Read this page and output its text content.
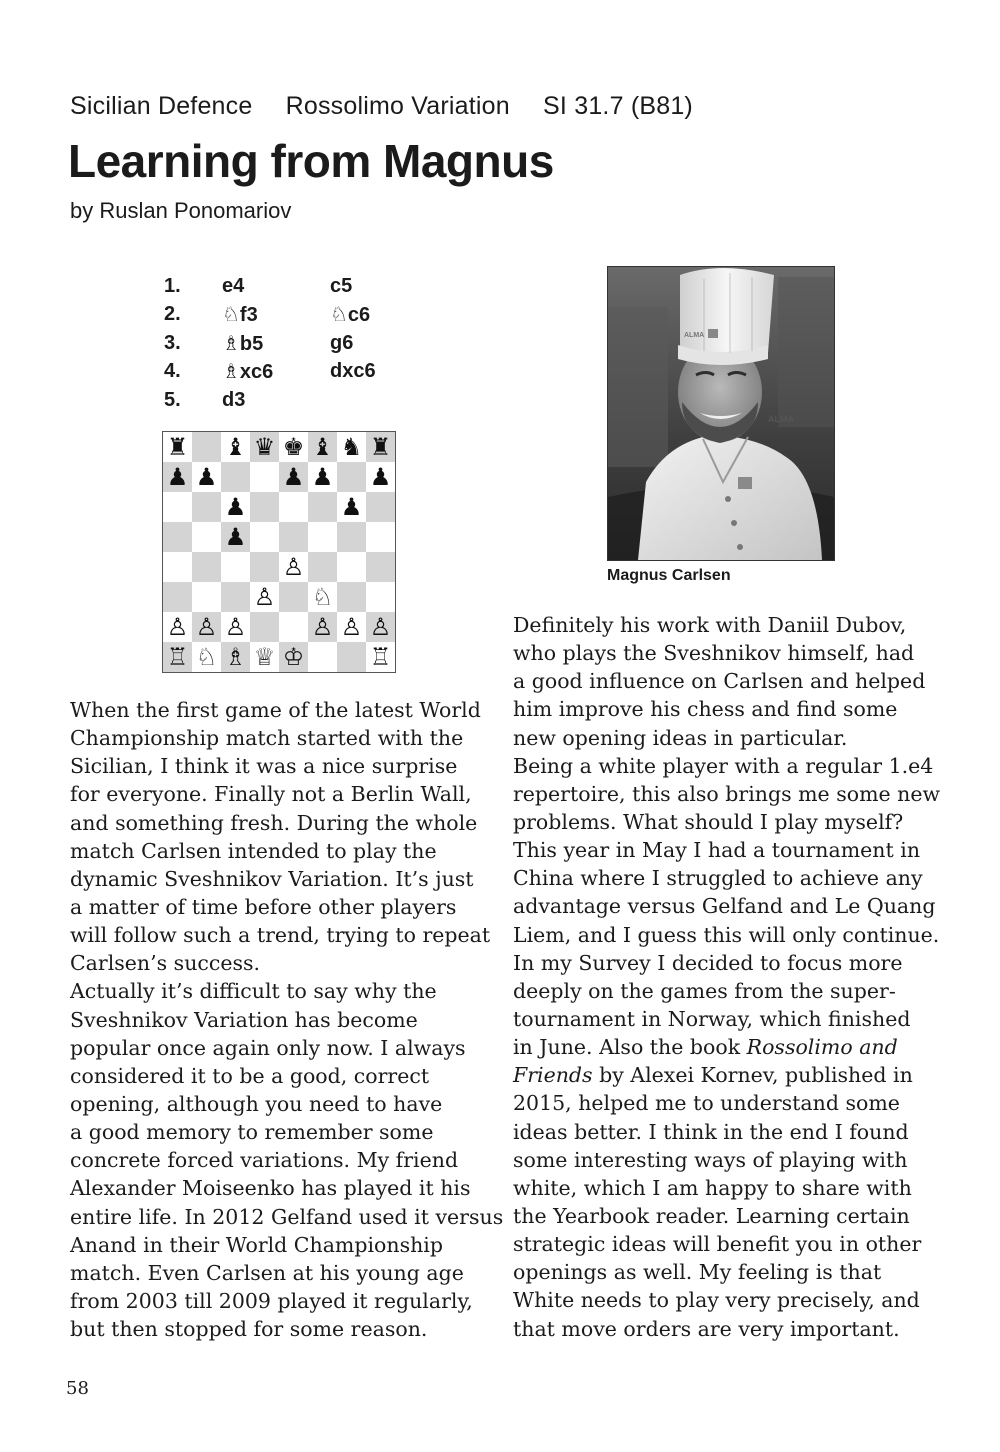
Sicilian Defence Rossolimo Variation SI 31.7 (B81)
Learning from Magnus
by Ruslan Ponomariov
1.	e4	c5
2.	♘f3	♘c6
3.	♗b5	g6
4.	♗xc6	dxc6
5.	d3
♜ ♝ ♛ ♚ ♝ ♞ ♜
♟ ♟	♟ ♟ ♟
♟	♟
♟
♙
♙ ♘
♙ ♙ ♙	♙ ♙ ♙
♖ ♘ ♗ ♕ ♔	♖
ALMA
ALMA
Magnus Carlsen
When the first game of the latest World
Championship match started with the
Sicilian, I think it was a nice surprise
for everyone. Finally not a Berlin Wall,
and something fresh. During the whole
match Carlsen intended to play the
dynamic Sveshnikov Variation. It’s just
a matter of time before other players
will follow such a trend, trying to repeat
Carlsen’s success.
Actually it’s difficult to say why the
Sveshnikov Variation has become
popular once again only now. I always
considered it to be a good, correct
opening, although you need to have
a good memory to remember some
concrete forced variations. My friend
Alexander Moiseenko has played it his
entire life. In 2012 Gelfand used it versus
Anand in their World Championship
match. Even Carlsen at his young age
from 2003 till 2009 played it regularly,
but then stopped for some reason.
Definitely his work with Daniil Dubov,
who plays the Sveshnikov himself, had
a good influence on Carlsen and helped
him improve his chess and find some
new opening ideas in particular.
Being a white player with a regular 1.e4
repertoire, this also brings me some new
problems. What should I play myself?
This year in May I had a tournament in
China where I struggled to achieve any
advantage versus Gelfand and Le Quang
Liem, and I guess this will only continue.
In my Survey I decided to focus more
deeply on the games from the super-
tournament in Norway, which finished
in June. Also the book Rossolimo and
Friends by Alexei Kornev, published in
2015, helped me to understand some
ideas better. I think in the end I found
some interesting ways of playing with
white, which I am happy to share with
the Yearbook reader. Learning certain
strategic ideas will benefit you in other
openings as well. My feeling is that
White needs to play very precisely, and
that move orders are very important.
58
